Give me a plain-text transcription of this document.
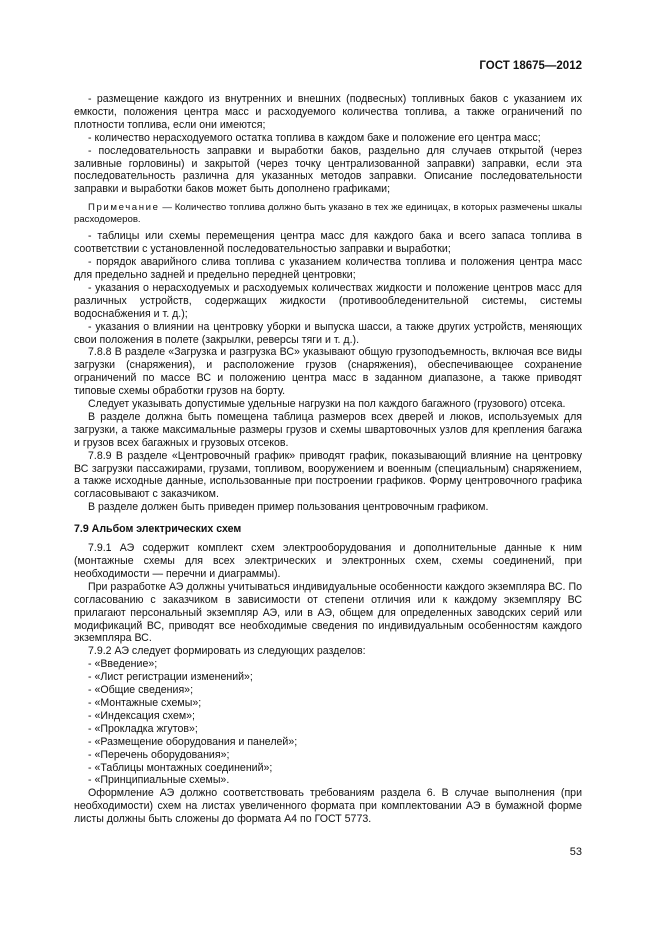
ГОСТ 18675—2012

- размещение каждого из внутренних и внешних (подвесных) топливных баков с указанием их емкости, положения центра масс и расходуемого количества топлива, а также ограничений по плотности топлива, если они имеются;

- количество нерасходуемого остатка топлива в каждом баке и положение его центра масс;

- последовательность заправки и выработки баков, раздельно для случаев открытой (через заливные горловины) и закрытой (через точку централизованной заправки) заправки, если эта последовательность различна для указанных методов заправки. Описание последовательности заправки и выработки баков может быть дополнено графиками;

Примечание — Количество топлива должно быть указано в тех же единицах, в которых размечены шкалы расходомеров.

- таблицы или схемы перемещения центра масс для каждого бака и всего запаса топлива в соответствии с установленной последовательностью заправки и выработки;

- порядок аварийного слива топлива с указанием количества топлива и положения центра масс для предельно задней и предельно передней центровки;

- указания о нерасходуемых и расходуемых количествах жидкости и положение центров масс для различных устройств, содержащих жидкости (противообледенительной системы, системы водоснабжения и т. д.);

- указания о влиянии на центровку уборки и выпуска шасси, а также других устройств, меняющих свои положения в полете (закрылки, реверсы тяги и т. д.).

7.8.8 В разделе «Загрузка и разгрузка ВС» указывают общую грузоподъемность, включая все виды загрузки (снаряжения), и расположение грузов (снаряжения), обеспечивающее сохранение ограничений по массе ВС и положению центра масс в заданном диапазоне, а также приводят типовые схемы обработки грузов на борту.

Следует указывать допустимые удельные нагрузки на пол каждого багажного (грузового) отсека.

В разделе должна быть помещена таблица размеров всех дверей и люков, используемых для загрузки, а также максимальные размеры грузов и схемы швартовочных узлов для крепления багажа и грузов всех багажных и грузовых отсеков.

7.8.9 В разделе «Центровочный график» приводят график, показывающий влияние на центровку ВС загрузки пассажирами, грузами, топливом, вооружением и военным (специальным) снаряжением, а также исходные данные, использованные при построении графиков. Форму центровочного графика согласовывают с заказчиком.

В разделе должен быть приведен пример пользования центровочным графиком.

7.9 Альбом электрических схем

7.9.1 АЭ содержит комплект схем электрооборудования и дополнительные данные к ним (монтажные схемы для всех электрических и электронных схем, схемы соединений, при необходимости — перечни и диаграммы).

При разработке АЭ должны учитываться индивидуальные особенности каждого экземпляра ВС. По согласованию с заказчиком в зависимости от степени отличия или к каждому экземпляру ВС прилагают персональный экземпляр АЭ, или в АЭ, общем для определенных заводских серий или модификаций ВС, приводят все необходимые сведения по индивидуальным особенностям каждого экземпляра ВС.

7.9.2 АЭ следует формировать из следующих разделов:

- «Введение»;

- «Лист регистрации изменений»;

- «Общие сведения»;

- «Монтажные схемы»;

- «Индексация схем»;

- «Прокладка жгутов»;

- «Размещение оборудования и панелей»;

- «Перечень оборудования»;

- «Таблицы монтажных соединений»;

- «Принципиальные схемы».

Оформление АЭ должно соответствовать требованиям раздела 6. В случае выполнения (при необходимости) схем на листах увеличенного формата при комплектовании АЭ в бумажной форме листы должны быть сложены до формата А4 по ГОСТ 5773.

53
